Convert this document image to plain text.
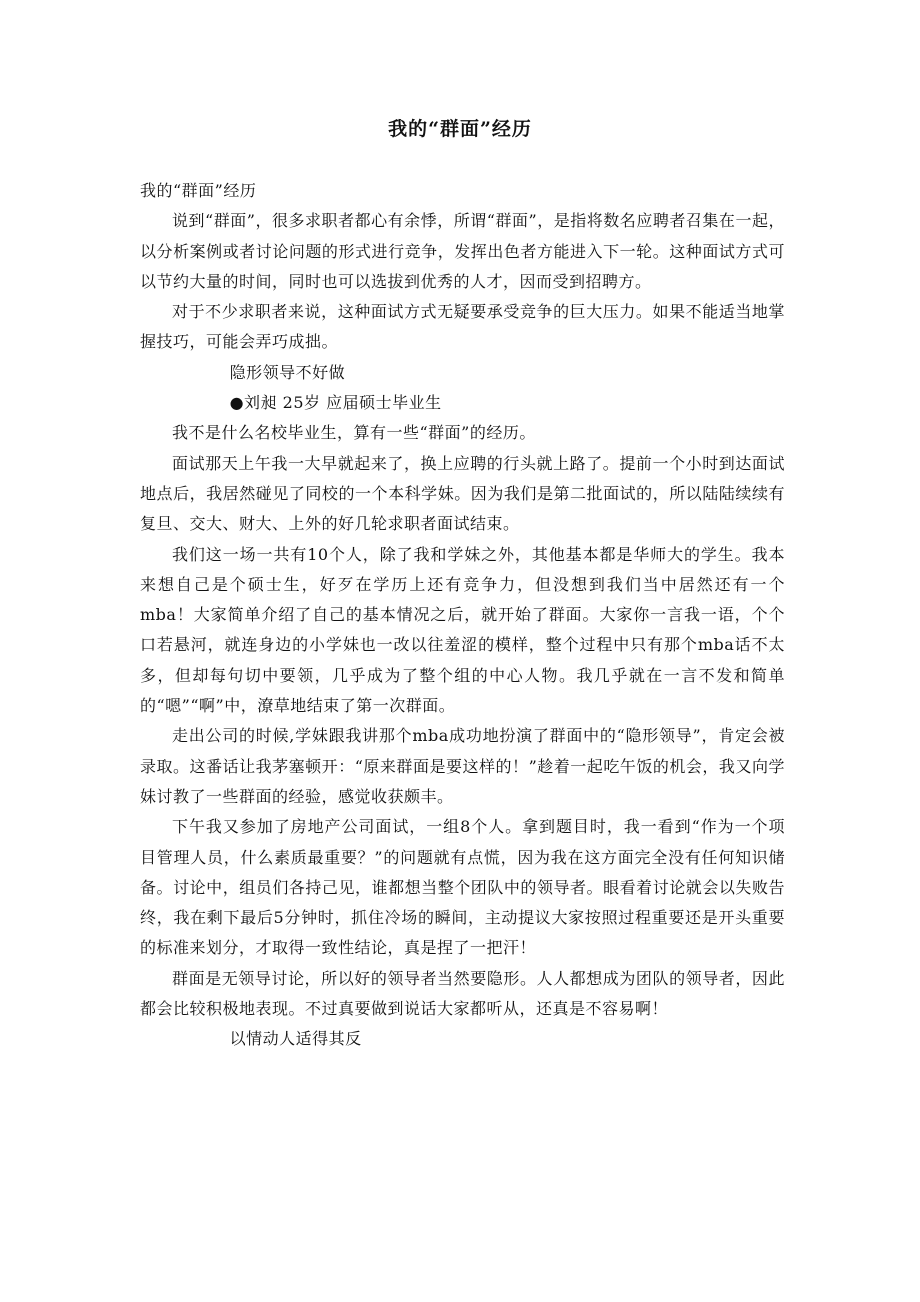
我的“群面”经历

我的“群面”经历

说到“群面”，很多求职者都心有余悸，所谓“群面”，是指将数名应聘者召集在一起，以分析案例或者讨论问题的形式进行竞争，发挥出色者方能进入下一轮。这种面试方式可以节约大量的时间，同时也可以选拔到优秀的人才，因而受到招聘方。

对于不少求职者来说，这种面试方式无疑要承受竞争的巨大压力。如果不能适当地掌握技巧，可能会弄巧成拙。

隐形领导不好做

●刘昶 25岁 应届硕士毕业生

我不是什么名校毕业生，算有一些“群面”的经历。

面试那天上午我一大早就起来了，换上应聘的行头就上路了。提前一个小时到达面试地点后，我居然碰见了同校的一个本科学妹。因为我们是第二批面试的，所以陆陆续续有复旦、交大、财大、上外的好几轮求职者面试结束。

我们这一场一共有10个人，除了我和学妹之外，其他基本都是华师大的学生。我本来想自己是个硕士生，好歹在学历上还有竞争力，但没想到我们当中居然还有一个mba！大家简单介绍了自己的基本情况之后，就开始了群面。大家你一言我一语，个个口若悬河，就连身边的小学妹也一改以往羞涩的模样，整个过程中只有那个mba话不太多，但却每句切中要领，几乎成为了整个组的中心人物。我几乎就在一言不发和简单的“嗯”“啊”中，潦草地结束了第一次群面。

走出公司的时候,学妹跟我讲那个mba成功地扮演了群面中的“隐形领导”，肯定会被录取。这番话让我茅塞顿开：“原来群面是要这样的！”趁着一起吃午饭的机会，我又向学妹讨教了一些群面的经验，感觉收获颇丰。

下午我又参加了房地产公司面试，一组8个人。拿到题目时，我一看到“作为一个项目管理人员，什么素质最重要？”的问题就有点慌，因为我在这方面完全没有任何知识储备。讨论中，组员们各持己见，谁都想当整个团队中的领导者。眼看着讨论就会以失败告终，我在剩下最后5分钟时，抓住冷场的瞬间，主动提议大家按照过程重要还是开头重要的标准来划分，才取得一致性结论，真是捏了一把汗！

群面是无领导讨论，所以好的领导者当然要隐形。人人都想成为团队的领导者，因此都会比较积极地表现。不过真要做到说话大家都听从，还真是不容易啊！

以情动人适得其反
